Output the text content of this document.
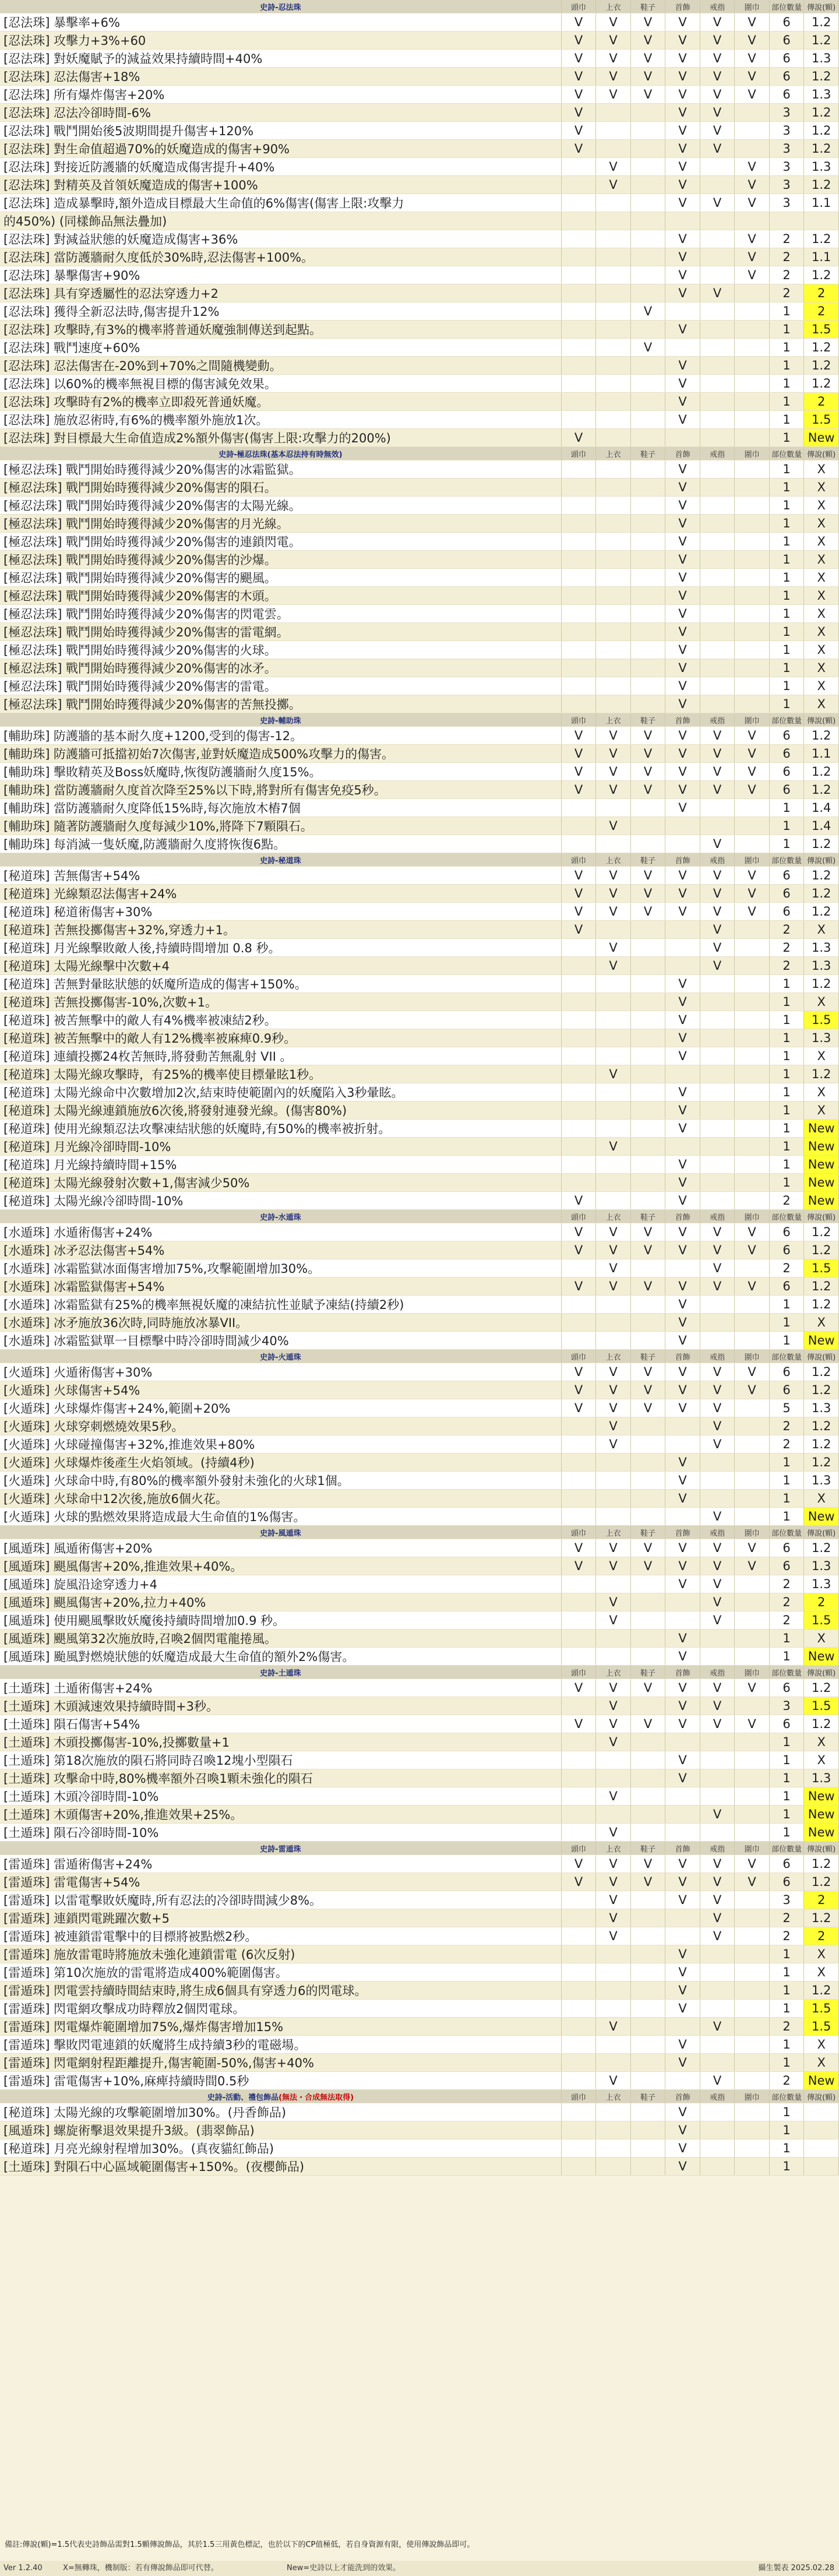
史詩-忍法珠	頭巾	上衣	鞋子	首飾	戒指	圍巾	部位數量	傳說(顆)
[忍法珠] 暴擊率+6%	V	V	V	V	V	V	6	1.2
[忍法珠] 攻擊力+3%+60	V	V	V	V	V	V	6	1.2
[忍法珠] 對妖魔賦予的減益效果持續時間+40%	V	V	V	V	V	V	6	1.3
[忍法珠] 忍法傷害+18%	V	V	V	V	V	V	6	1.2
[忍法珠] 所有爆炸傷害+20%	V	V	V	V	V	V	6	1.3
[忍法珠] 忍法冷卻時間-6%	V			V	V		3	1.2
[忍法珠] 戰鬥開始後5波期間提升傷害+120%	V			V	V		3	1.2
[忍法珠] 對生命值超過70%的妖魔造成的傷害+90%	V			V	V		3	1.2
[忍法珠] 對接近防護牆的妖魔造成傷害提升+40%		V		V		V	3	1.3
[忍法珠] 對精英及首領妖魔造成的傷害+100%		V		V		V	3	1.2
[忍法珠] 造成暴擊時,額外造成目標最大生命值的6%傷害(傷害上限:攻擊力				V	V	V	3	1.1
的450%) (同樣飾品無法疊加)								
[忍法珠] 對減益狀態的妖魔造成傷害+36%				V		V	2	1.2
[忍法珠] 當防護牆耐久度低於30%時,忍法傷害+100%。				V		V	2	1.1
[忍法珠] 暴擊傷害+90%				V		V	2	1.2
[忍法珠] 具有穿透屬性的忍法穿透力+2				V	V		2	2
[忍法珠] 獲得全新忍法時,傷害提升12%			V				1	2
[忍法珠] 攻擊時,有3%的機率將普通妖魔強制傳送到起點。				V			1	1.5
[忍法珠] 戰鬥速度+60%			V				1	1.2
[忍法珠] 忍法傷害在-20%到+70%之間隨機變動。				V			1	1.2
[忍法珠] 以60%的機率無視目標的傷害減免效果。				V			1	1.2
[忍法珠] 攻擊時有2%的機率立即殺死普通妖魔。				V			1	2
[忍法珠] 施放忍術時,有6%的機率額外施放1次。				V			1	1.5
[忍法珠] 對目標最大生命值造成2%額外傷害(傷害上限:攻擊力的200%)	V						1	New
史詩-極忍法珠(基本忍法持有時無效)	頭巾	上衣	鞋子	首飾	戒指	圍巾	部位數量	傳說(顆)
[極忍法珠] 戰鬥開始時獲得減少20%傷害的冰霜監獄。				V			1	X
[極忍法珠] 戰鬥開始時獲得減少20%傷害的隕石。				V			1	X
[極忍法珠] 戰鬥開始時獲得減少20%傷害的太陽光線。				V			1	X
[極忍法珠] 戰鬥開始時獲得減少20%傷害的月光線。				V			1	X
[極忍法珠] 戰鬥開始時獲得減少20%傷害的連鎖閃電。				V			1	X
[極忍法珠] 戰鬥開始時獲得減少20%傷害的沙爆。				V			1	X
[極忍法珠] 戰鬥開始時獲得減少20%傷害的颶風。				V			1	X
[極忍法珠] 戰鬥開始時獲得減少20%傷害的木頭。				V			1	X
[極忍法珠] 戰鬥開始時獲得減少20%傷害的閃電雲。				V			1	X
[極忍法珠] 戰鬥開始時獲得減少20%傷害的雷電網。				V			1	X
[極忍法珠] 戰鬥開始時獲得減少20%傷害的火球。				V			1	X
[極忍法珠] 戰鬥開始時獲得減少20%傷害的冰矛。				V			1	X
[極忍法珠] 戰鬥開始時獲得減少20%傷害的雷電。				V			1	X
[極忍法珠] 戰鬥開始時獲得減少20%傷害的苦無投擲。				V			1	X
史詩-輔助珠	頭巾	上衣	鞋子	首飾	戒指	圍巾	部位數量	傳說(顆)
[輔助珠] 防護牆的基本耐久度+1200,受到的傷害-12。	V	V	V	V	V	V	6	1.2
[輔助珠] 防護牆可抵擋初始7次傷害,並對妖魔造成500%攻擊力的傷害。	V	V	V	V	V	V	6	1.1
[輔助珠] 擊敗精英及Boss妖魔時,恢復防護牆耐久度15%。	V	V	V	V	V	V	6	1.2
[輔助珠] 當防護牆耐久度首次降至25%以下時,將對所有傷害免疫5秒。	V	V	V	V	V	V	6	1.2
[輔助珠] 當防護牆耐久度降低15%時,每次施放木樁7個				V			1	1.4
[輔助珠] 隨著防護牆耐久度每減少10%,將降下7顆隕石。		V					1	1.4
[輔助珠] 每消滅一隻妖魔,防護牆耐久度將恢復6點。					V		1	1.2
史詩-秘道珠	頭巾	上衣	鞋子	首飾	戒指	圍巾	部位數量	傳說(顆)
[秘道珠] 苦無傷害+54%	V	V	V	V	V	V	6	1.2
[秘道珠] 光線類忍法傷害+24%	V	V	V	V	V	V	6	1.2
[秘道珠] 秘道術傷害+30%	V	V	V	V	V	V	6	1.2
[秘道珠] 苦無投擲傷害+32%,穿透力+1。	V				V		2	X
[秘道珠] 月光線擊敗敵人後,持續時間增加 0.8 秒。		V			V		2	1.3
[秘道珠] 太陽光線擊中次數+4		V			V		2	1.3
[秘道珠] 苦無對暈眩狀態的妖魔所造成的傷害+150%。				V			1	1.2
[秘道珠] 苦無投擲傷害-10%,次數+1。				V			1	X
[秘道珠] 被苦無擊中的敵人有4%機率被凍結2秒。				V			1	1.5
[秘道珠] 被苦無擊中的敵人有12%機率被麻痺0.9秒。				V			1	1.3
[秘道珠] 連續投擲24枚苦無時,將發動苦無亂射 VII 。				V			1	X
[秘道珠] 太陽光線攻擊時，有25%的機率使目標暈眩1秒。		V					1	1.2
[秘道珠] 太陽光線命中次數增加2次,結束時使範圍內的妖魔陷入3秒暈眩。				V			1	X
[秘道珠] 太陽光線連鎖施放6次後,將發射連發光線。(傷害80%)				V			1	X
[秘道珠] 使用光線類忍法攻擊凍結狀態的妖魔時,有50%的機率被折射。				V			1	New
[秘道珠] 月光線冷卻時間-10%		V					1	New
[秘道珠] 月光線持續時間+15%				V			1	New
[秘道珠] 太陽光線發射次數+1,傷害減少50%				V			1	New
[秘道珠] 太陽光線冷卻時間-10%	V			V			2	New
史詩-水遁珠	頭巾	上衣	鞋子	首飾	戒指	圍巾	部位數量	傳說(顆)
[水遁珠] 水遁術傷害+24%	V	V	V	V	V	V	6	1.2
[水遁珠] 冰矛忍法傷害+54%	V	V	V	V	V	V	6	1.2
[水遁珠] 冰霜監獄冰面傷害增加75%,攻擊範圍增加30%。		V			V		2	1.5
[水遁珠] 冰霜監獄傷害+54%	V	V	V	V	V	V	6	1.2
[水遁珠] 冰霜監獄有25%的機率無視妖魔的凍結抗性並賦予凍結(持續2秒)				V			1	1.2
[水遁珠] 冰矛施放36次時,同時施放冰暴VII。				V			1	X
[水遁珠] 冰霜監獄單一目標擊中時冷卻時間減少40%				V			1	New
史詩-火遁珠	頭巾	上衣	鞋子	首飾	戒指	圍巾	部位數量	傳說(顆)
[火遁珠] 火遁術傷害+30%	V	V	V	V	V	V	6	1.2
[火遁珠] 火球傷害+54%	V	V	V	V	V	V	6	1.2
[火遁珠] 火球爆炸傷害+24%,範圍+20%	V	V	V	V	V		5	1.3
[火遁珠] 火球穿刺燃燒效果5秒。		V			V		2	1.2
[火遁珠] 火球碰撞傷害+32%,推進效果+80%		V			V		2	1.2
[火遁珠] 火球爆炸後產生火焰領域。(持續4秒)				V			1	1.2
[火遁珠] 火球命中時,有80%的機率額外發射未強化的火球1個。				V			1	1.3
[火遁珠] 火球命中12次後,施放6個火花。				V			1	X
[火遁珠] 火球的點燃效果將造成最大生命值的1%傷害。					V		1	New
史詩-風遁珠	頭巾	上衣	鞋子	首飾	戒指	圍巾	部位數量	傳說(顆)
[風遁珠] 風遁術傷害+20%	V	V	V	V	V	V	6	1.2
[風遁珠] 颶風傷害+20%,推進效果+40%。	V	V	V	V	V	V	6	1.3
[風遁珠] 旋風沿途穿透力+4				V	V		2	1.3
[風遁珠] 颶風傷害+20%,拉力+40%		V			V		2	2
[風遁珠] 使用颶風擊敗妖魔後持續時間增加0.9 秒。		V			V		2	1.5
[風遁珠] 颶風第32次施放時,召喚2個閃電龍捲風。				V			1	X
[風遁珠] 颱風對燃燒狀態的妖魔造成最大生命值的額外2%傷害。				V			1	New
史詩-土遁珠	頭巾	上衣	鞋子	首飾	戒指	圍巾	部位數量	傳說(顆)
[土遁珠] 土遁術傷害+24%	V	V	V	V	V	V	6	1.2
[土遁珠] 木頭減速效果持續時間+3秒。		V		V	V		3	1.5
[土遁珠] 隕石傷害+54%	V	V	V	V	V	V	6	1.2
[土遁珠] 木頭投擲傷害-10%,投擲數量+1		V					1	X
[土遁珠] 第18次施放的隕石將同時召喚12塊小型隕石				V			1	X
[土遁珠] 攻擊命中時,80%機率額外召喚1顆未強化的隕石				V			1	1.3
[土遁珠] 木頭冷卻時間-10%		V					1	New
[土遁珠] 木頭傷害+20%,推進效果+25%。					V		1	New
[土遁珠] 隕石冷卻時間-10%		V					1	New
史詩-雷遁珠	頭巾	上衣	鞋子	首飾	戒指	圍巾	部位數量	傳說(顆)
[雷遁珠] 雷遁術傷害+24%	V	V	V	V	V	V	6	1.2
[雷遁珠] 雷電傷害+54%	V	V	V	V	V	V	6	1.2
[雷遁珠] 以雷電擊敗妖魔時,所有忍法的冷卻時間減少8%。		V		V	V		3	2
[雷遁珠] 連鎖閃電跳躍次數+5		V			V		2	1.2
[雷遁珠] 被連鎖雷電擊中的目標將被點燃2秒。		V			V		2	2
[雷遁珠] 施放雷電時將施放未強化連鎖雷電 (6次反射)				V			1	X
[雷遁珠] 第10次施放的雷電將造成400%範圍傷害。				V			1	X
[雷遁珠] 閃電雲持續時間結束時,將生成6個具有穿透力6的閃電球。				V			1	1.2
[雷遁珠] 閃電網攻擊成功時釋放2個閃電球。				V			1	1.5
[雷遁珠] 閃電爆炸範圍增加75%,爆炸傷害增加15%		V			V		2	1.5
[雷遁珠] 擊敗閃電連鎖的妖魔將生成持續3秒的電磁場。				V			1	X
[雷遁珠] 閃電網射程距離提升,傷害範圍-50%,傷害+40%				V			1	X
[雷遁珠] 雷電傷害+10%,麻痺持續時間0.5秒		V			V		2	New
史詩-活動、禮包飾品(無法・合成無法取得)	頭巾	上衣	鞋子	首飾	戒指	圍巾	部位數量	傳說(顆)
[秘道珠] 太陽光線的攻擊範圍增加30%。(丹香飾品)				V			1	
[風遁珠] 螺旋術擊退效果提升3級。(翡翠飾品)				V			1	
[秘道珠] 月亮光線射程增加30%。(真夜貓紅飾品)				V			1	
[土遁珠] 對隕石中心區域範圍傷害+150%。(夜櫻飾品)				V			1	
備註:傳說(顆)=1.5代表史詩飾品需對1.5顆傳說飾品，其於1.5三用黃色標記，也於以下的CP值極低，若自身資源有限，使用傳說飾品即可。
Ver 1.2.40	X=無轉珠，機制版：若有傳說飾品即可代替。	New=史詩以上才能洗到的效果。	攝生製表 2025.02.28
